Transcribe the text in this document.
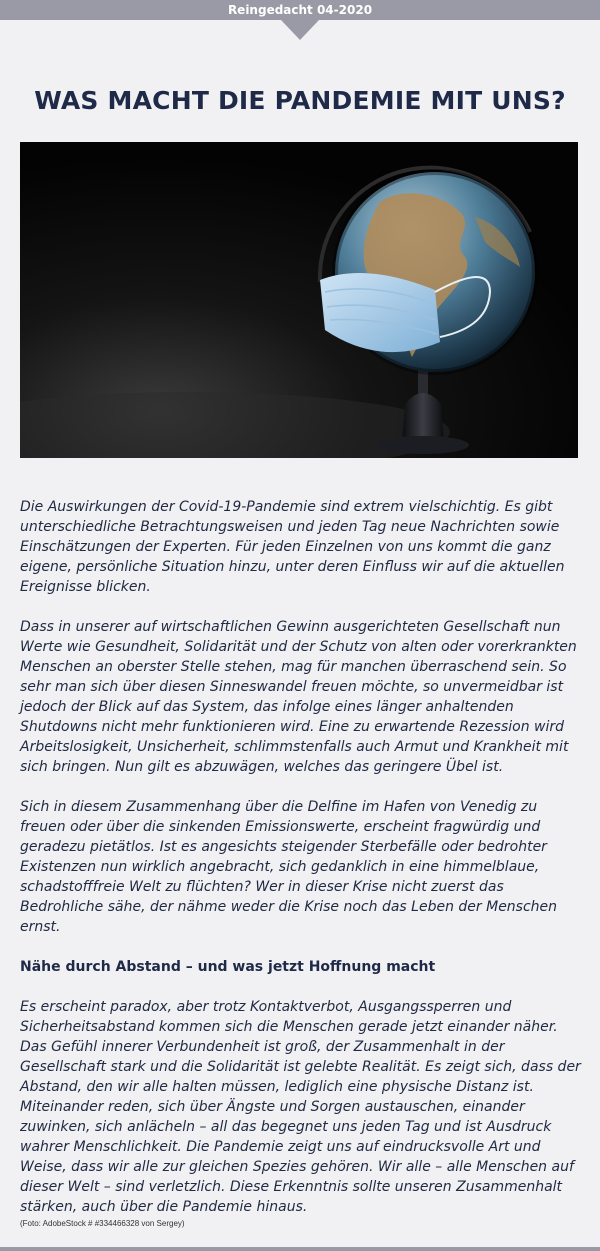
Reingedacht 04-2020
WAS MACHT DIE PANDEMIE MIT UNS?

Die Auswirkungen der Covid-19-Pandemie sind extrem vielschichtig. Es gibt unterschiedliche Betrachtungsweisen und jeden Tag neue Nachrichten sowie Einschätzungen der Experten. Für jeden Einzelnen von uns kommt die ganz eigene, persönliche Situation hinzu, unter deren Einfluss wir auf die aktuellen Ereignisse blicken.

Dass in unserer auf wirtschaftlichen Gewinn ausgerichteten Gesellschaft nun Werte wie Gesundheit, Solidarität und der Schutz von alten oder vorerkrankten Menschen an oberster Stelle stehen, mag für manchen überraschend sein. So sehr man sich über diesen Sinneswandel freuen möchte, so unvermeidbar ist jedoch der Blick auf das System, das infolge eines länger anhaltenden Shutdowns nicht mehr funktionieren wird. Eine zu erwartende Rezession wird Arbeitslosigkeit, Unsicherheit, schlimmstenfalls auch Armut und Krankheit mit sich bringen. Nun gilt es abzuwägen, welches das geringere Übel ist.

Sich in diesem Zusammenhang über die Delfine im Hafen von Venedig zu freuen oder über die sinkenden Emissionswerte, erscheint fragwürdig und geradezu pietätlos. Ist es angesichts steigender Sterbefälle oder bedrohter Existenzen nun wirklich angebracht, sich gedanklich in eine himmelblaue, schadstofffreie Welt zu flüchten? Wer in dieser Krise nicht zuerst das Bedrohliche sähe, der nähme weder die Krise noch das Leben der Menschen ernst.

Nähe durch Abstand – und was jetzt Hoffnung macht

Es erscheint paradox, aber trotz Kontaktverbot, Ausgangssperren und Sicherheitsabstand kommen sich die Menschen gerade jetzt einander näher. Das Gefühl innerer Verbundenheit ist groß, der Zusammenhalt in der Gesellschaft stark und die Solidarität ist gelebte Realität. Es zeigt sich, dass der Abstand, den wir alle halten müssen, lediglich eine physische Distanz ist. Miteinander reden, sich über Ängste und Sorgen austauschen, einander zuwinken, sich anlächeln – all das begegnet uns jeden Tag und ist Ausdruck wahrer Menschlichkeit. Die Pandemie zeigt uns auf eindrucksvolle Art und Weise, dass wir alle zur gleichen Spezies gehören. Wir alle – alle Menschen auf dieser Welt – sind verletzlich. Diese Erkenntnis sollte unseren Zusammenhalt stärken, auch über die Pandemie hinaus.

(Foto: AdobeStock # #334466328 von Sergey)
